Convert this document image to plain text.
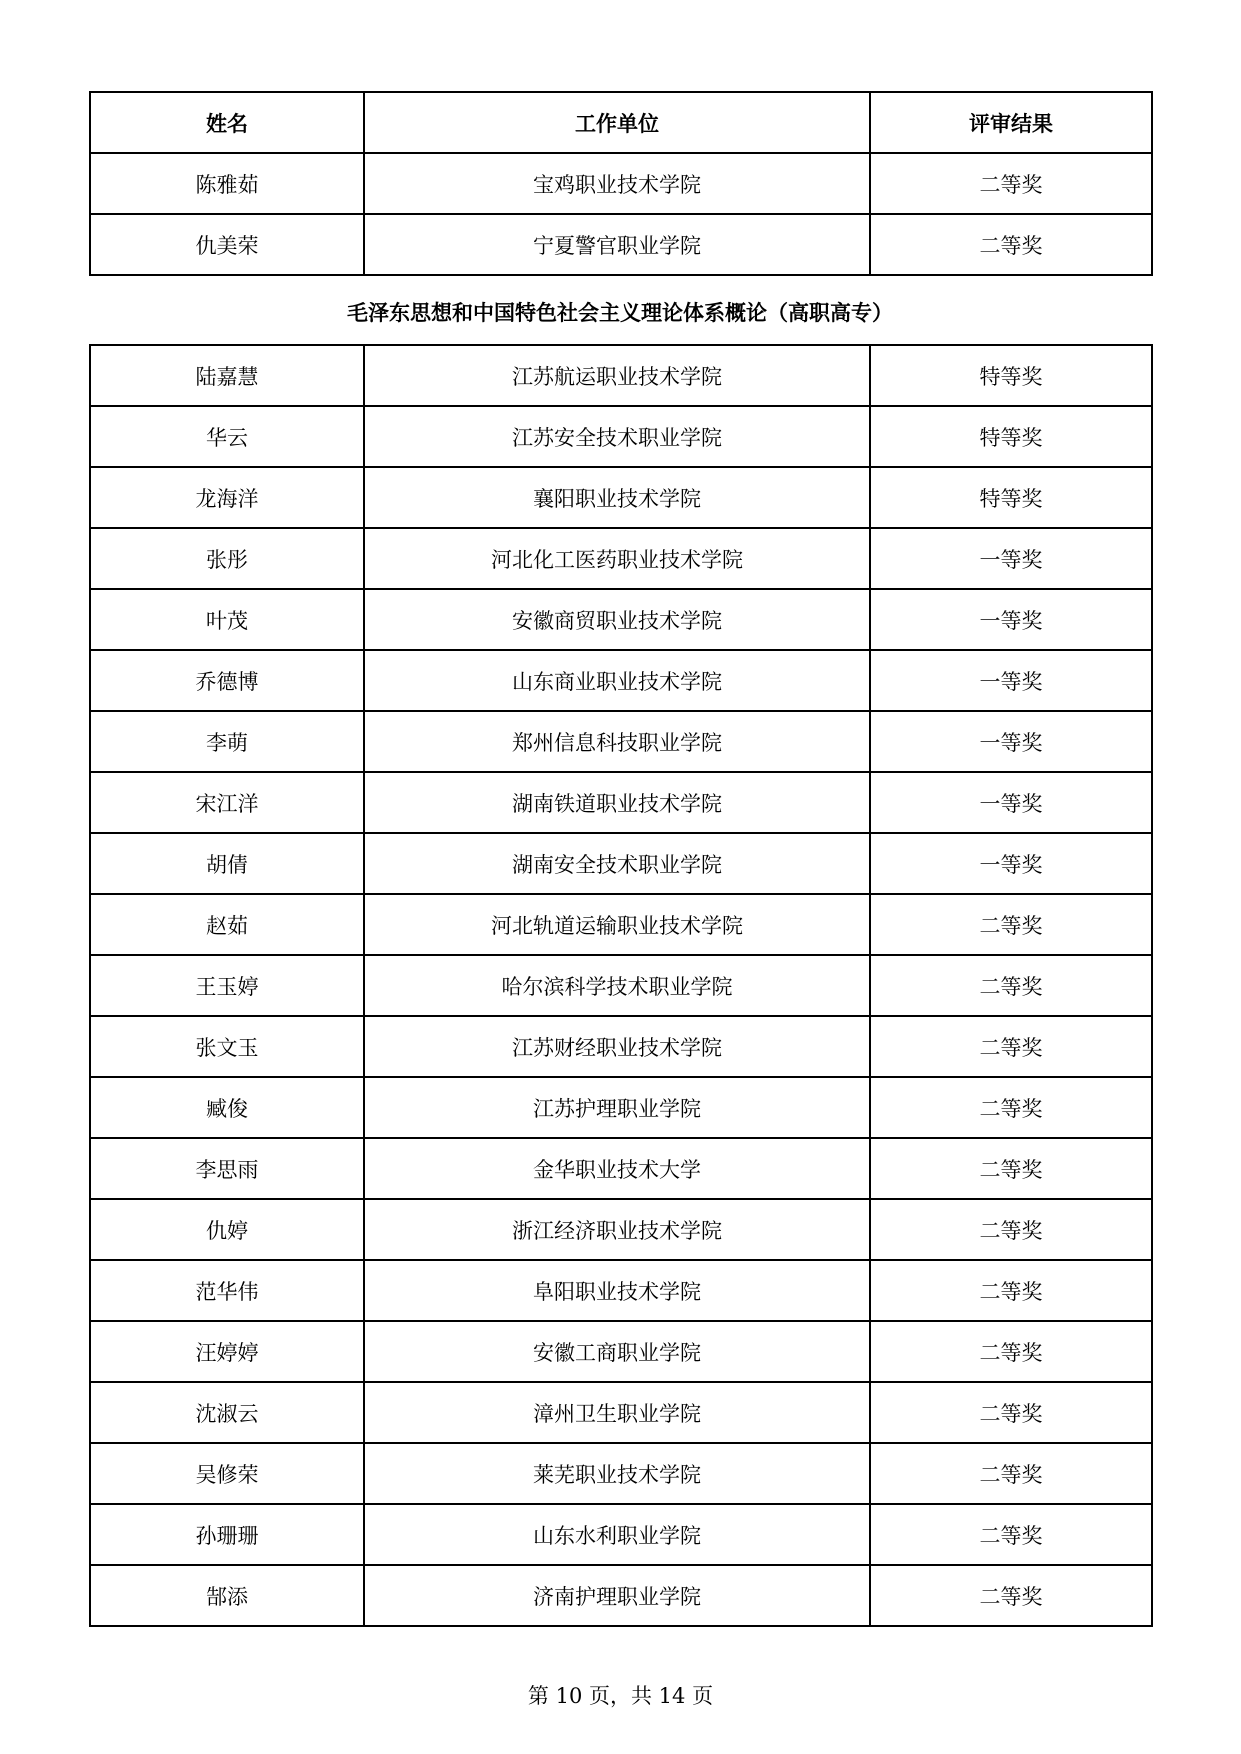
姓名	工作单位	评审结果
陈雅茹	宝鸡职业技术学院	二等奖
仇美荣	宁夏警官职业学院	二等奖
毛泽东思想和中国特色社会主义理论体系概论（高职高专）
陆嘉慧	江苏航运职业技术学院	特等奖
华云	江苏安全技术职业学院	特等奖
龙海洋	襄阳职业技术学院	特等奖
张彤	河北化工医药职业技术学院	一等奖
叶茂	安徽商贸职业技术学院	一等奖
乔德博	山东商业职业技术学院	一等奖
李萌	郑州信息科技职业学院	一等奖
宋江洋	湖南铁道职业技术学院	一等奖
胡倩	湖南安全技术职业学院	一等奖
赵茹	河北轨道运输职业技术学院	二等奖
王玉婷	哈尔滨科学技术职业学院	二等奖
张文玉	江苏财经职业技术学院	二等奖
臧俊	江苏护理职业学院	二等奖
李思雨	金华职业技术大学	二等奖
仇婷	浙江经济职业技术学院	二等奖
范华伟	阜阳职业技术学院	二等奖
汪婷婷	安徽工商职业学院	二等奖
沈淑云	漳州卫生职业学院	二等奖
吴修荣	莱芜职业技术学院	二等奖
孙珊珊	山东水利职业学院	二等奖
郜添	济南护理职业学院	二等奖
第 10 页，共 14 页
